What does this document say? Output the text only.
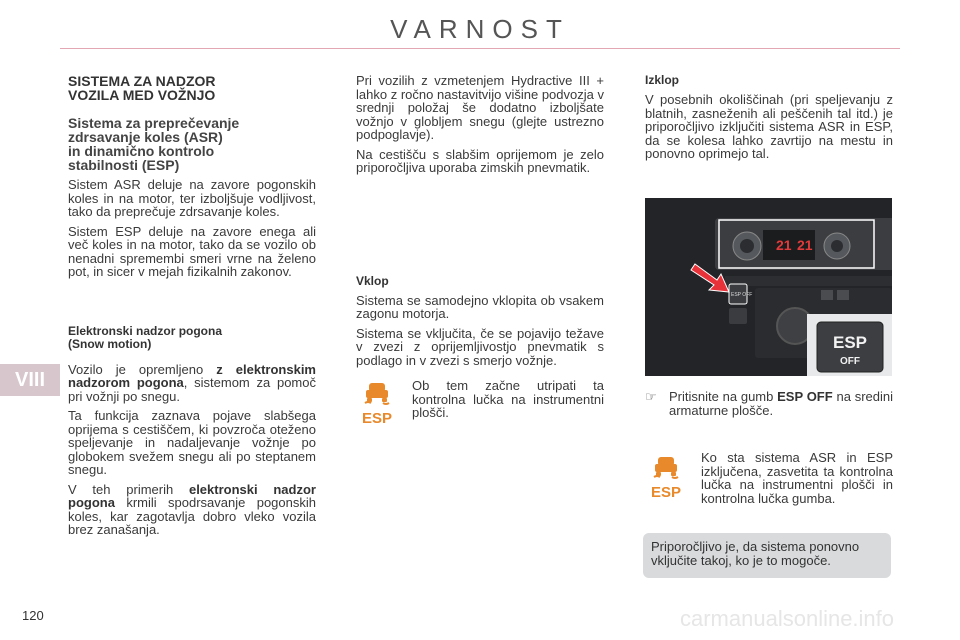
VARNOST
VIII
120	carmanualsonline.info
SISTEMA ZA NADZOR
VOZILA MED VOŽNJO
Sistema za preprečevanje
zdrsavanje koles (ASR)
in dinamično kontrolo
stabilnosti (ESP)

Sistem ASR deluje na zavore pogonskih koles in na motor, ter izboljšuje vodljivost, tako da preprečuje zdrsavanje koles.

Sistem ESP deluje na zavore enega ali več koles in na motor, tako da se vozilo ob nenadni spremembi smeri vrne na želeno pot, in sicer v mejah fizikalnih zakonov.

Elektronski nadzor pogona
(Snow motion)

Vozilo je opremljeno z elektronskim nadzorom pogona, sistemom za pomoč pri vožnji po snegu.

Ta funkcija zaznava pojave slabšega oprijema s cestiščem, ki povzroča oteženo speljevanje in nadaljevanje vožnje po globokem svežem snegu ali po steptanem snegu.

V teh primerih elektronski nadzor pogona krmili spodrsavanje pogonskih koles, kar zagotavlja dobro vleko vozila brez zanašanja.

Pri vozilih z vzmetenjem Hydractive III + lahko z ročno nastavitvijo višine podvozja v srednji položaj še dodatno izboljšate vožnjo v globljem snegu (glejte ustrezno podpoglavje).

Na cestišču s slabšim oprijemom je zelo priporočljiva uporaba zimskih pnevmatik.

Vklop

Sistema se samodejno vklopita ob vsakem zagonu motorja.

Sistema se vključita, če se pojavijo težave v zvezi z oprijemljivostjo pnevmatik s podlago in v zvezi s smerjo vožnje.

ESP

Ob tem začne utripati ta kontrolna lučka na instrumentni plošči.

Izklop

V posebnih okoliščinah (pri speljevanju z blatnih, zasneženih ali peščenih tal itd.) je priporočljivo izključiti sistema ASR in ESP, da se kolesa lahko zavrtijo na mestu in ponovno oprimejo tal.

21 21
ESP OFF
ESP
OFF
☞ Pritisnite na gumb ESP OFF na sredini armaturne plošče.
ESP

Ko sta sistema ASR in ESP izključena, zasvetita ta kontrolna lučka na instrumentni plošči in kontrolna lučka gumba.

Priporočljivo je, da sistema ponovno vključite takoj, ko je to mogoče.
